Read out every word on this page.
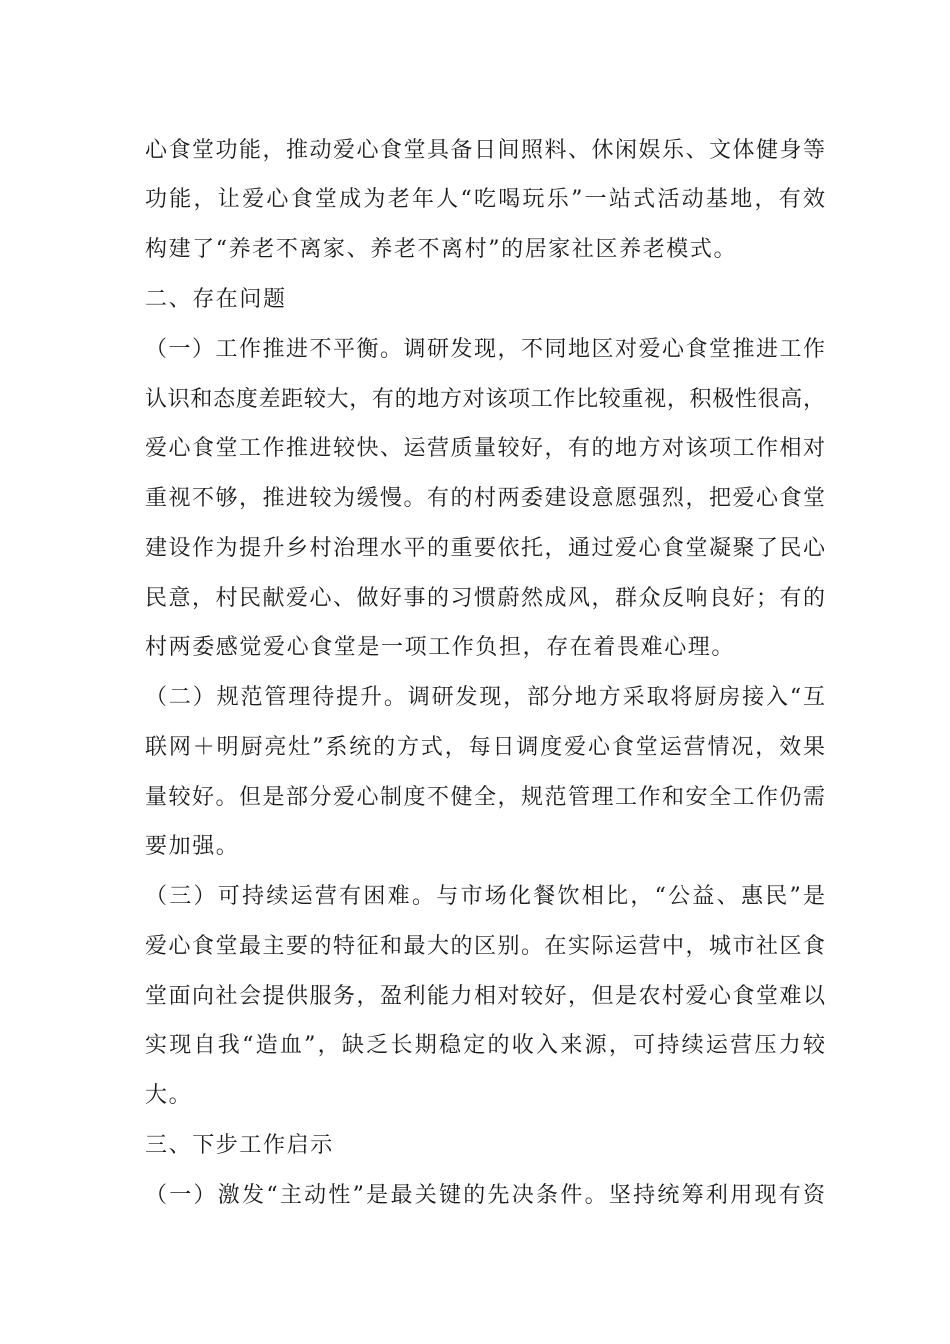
心食堂功能，推动爱心食堂具备日间照料、休闲娱乐、文体健身等
功能，让爱心食堂成为老年人“吃喝玩乐”一站式活动基地，有效
构建了“养老不离家、养老不离村”的居家社区养老模式。
二、存在问题
（一）工作推进不平衡。调研发现，不同地区对爱心食堂推进工作
认识和态度差距较大，有的地方对该项工作比较重视，积极性很高，
爱心食堂工作推进较快、运营质量较好，有的地方对该项工作相对
重视不够，推进较为缓慢。有的村两委建设意愿强烈，把爱心食堂
建设作为提升乡村治理水平的重要依托，通过爱心食堂凝聚了民心
民意，村民献爱心、做好事的习惯蔚然成风，群众反响良好；有的
村两委感觉爱心食堂是一项工作负担，存在着畏难心理。
（二）规范管理待提升。调研发现，部分地方采取将厨房接入“互
联网＋明厨亮灶”系统的方式，每日调度爱心食堂运营情况，效果
量较好。但是部分爱心制度不健全，规范管理工作和安全工作仍需
要加强。
（三）可持续运营有困难。与市场化餐饮相比，“公益、惠民”是
爱心食堂最主要的特征和最大的区别。在实际运营中，城市社区食
堂面向社会提供服务，盈利能力相对较好，但是农村爱心食堂难以
实现自我“造血”，缺乏长期稳定的收入来源，可持续运营压力较
大。
三、下步工作启示
（一）激发“主动性”是最关键的先决条件。坚持统筹利用现有资
